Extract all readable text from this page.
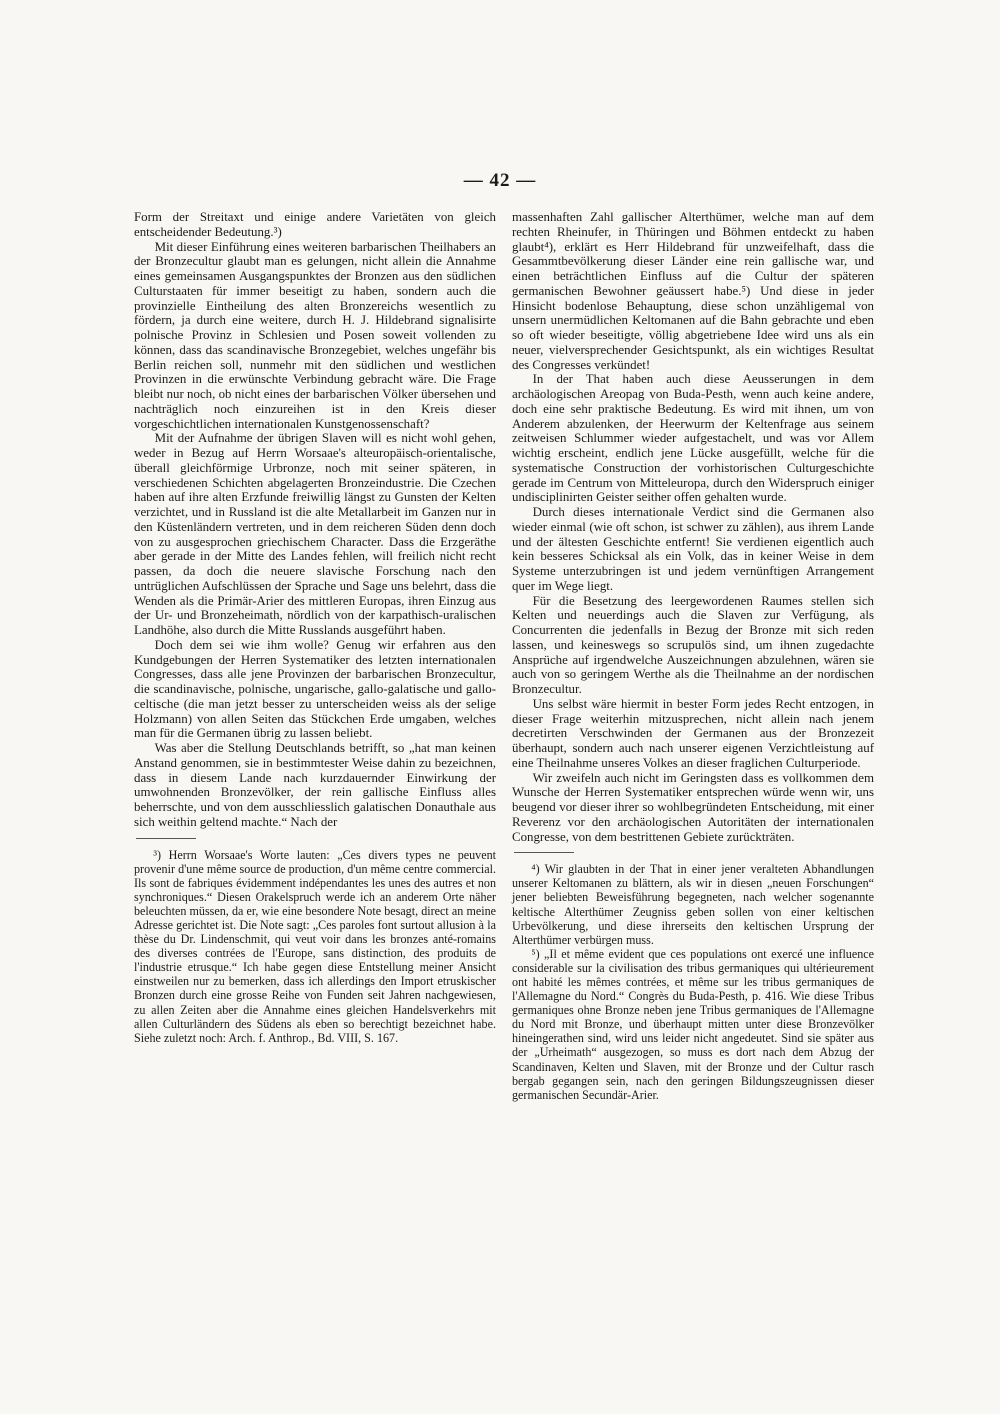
— 42 —

Form der Streitaxt und einige andere Varietäten von gleich entscheidender Bedeutung.³)

Mit dieser Einführung eines weiteren barbarischen Theilhabers an der Bronzecultur glaubt man es gelungen, nicht allein die Annahme eines gemeinsamen Ausgangspunktes der Bronzen aus den südlichen Culturstaaten für immer beseitigt zu haben, sondern auch die provinzielle Eintheilung des alten Bronzereichs wesentlich zu fördern, ja durch eine weitere, durch H. J. Hildebrand signalisirte polnische Provinz in Schlesien und Posen soweit vollenden zu können, dass das scandinavische Bronzegebiet, welches ungefähr bis Berlin reichen soll, nunmehr mit den südlichen und westlichen Provinzen in die erwünschte Verbindung gebracht wäre. Die Frage bleibt nur noch, ob nicht eines der barbarischen Völker übersehen und nachträglich noch einzureihen ist in den Kreis dieser vorgeschichtlichen internationalen Kunstgenossenschaft?

Mit der Aufnahme der übrigen Slaven will es nicht wohl gehen, weder in Bezug auf Herrn Worsaae's alteuropäisch-orientalische, überall gleichförmige Urbronze, noch mit seiner späteren, in verschiedenen Schichten abgelagerten Bronzeindustrie. Die Czechen haben auf ihre alten Erzfunde freiwillig längst zu Gunsten der Kelten verzichtet, und in Russland ist die alte Metallarbeit im Ganzen nur in den Küstenländern vertreten, und in dem reicheren Süden denn doch von zu ausgesprochen griechischem Character. Dass die Erzgeräthe aber gerade in der Mitte des Landes fehlen, will freilich nicht recht passen, da doch die neuere slavische Forschung nach den untrüglichen Aufschlüssen der Sprache und Sage uns belehrt, dass die Wenden als die Primär-Arier des mittleren Europas, ihren Einzug aus der Ur- und Bronzeheimath, nördlich von der karpathisch-uralischen Landhöhe, also durch die Mitte Russlands ausgeführt haben.

Doch dem sei wie ihm wolle? Genug wir erfahren aus den Kundgebungen der Herren Systematiker des letzten internationalen Congresses, dass alle jene Provinzen der barbarischen Bronzecultur, die scandinavische, polnische, ungarische, gallo-galatische und gallo-celtische (die man jetzt besser zu unterscheiden weiss als der selige Holzmann) von allen Seiten das Stückchen Erde umgaben, welches man für die Germanen übrig zu lassen beliebt.

Was aber die Stellung Deutschlands betrifft, so „hat man keinen Anstand genommen, sie in bestimmtester Weise dahin zu bezeichnen, dass in diesem Lande nach kurzdauernder Einwirkung der umwohnenden Bronzevölker, der rein gallische Einfluss alles beherrschte, und von dem ausschliesslich galatischen Donauthale aus sich weithin geltend machte.“ Nach der

³) Herrn Worsaae's Worte lauten: „Ces divers types ne peuvent provenir d'une même source de production, d'un même centre commercial. Ils sont de fabriques évidemment indépendantes les unes des autres et non synchroniques.“ Diesen Orakelspruch werde ich an anderem Orte näher beleuchten müssen, da er, wie eine besondere Note besagt, direct an meine Adresse gerichtet ist. Die Note sagt: „Ces paroles font surtout allusion à la thèse du Dr. Lindenschmit, qui veut voir dans les bronzes anté-romains des diverses contrées de l'Europe, sans distinction, des produits de l'industrie etrusque.“ Ich habe gegen diese Entstellung meiner Ansicht einstweilen nur zu bemerken, dass ich allerdings den Import etruskischer Bronzen durch eine grosse Reihe von Funden seit Jahren nachgewiesen, zu allen Zeiten aber die Annahme eines gleichen Handelsverkehrs mit allen Culturländern des Südens als eben so berechtigt bezeichnet habe. Siehe zuletzt noch: Arch. f. Anthrop., Bd. VIII, S. 167.

massenhaften Zahl gallischer Alterthümer, welche man auf dem rechten Rheinufer, in Thüringen und Böhmen entdeckt zu haben glaubt⁴), erklärt es Herr Hildebrand für unzweifelhaft, dass die Gesammtbevölkerung dieser Länder eine rein gallische war, und einen beträchtlichen Einfluss auf die Cultur der späteren germanischen Bewohner geäussert habe.⁵) Und diese in jeder Hinsicht bodenlose Behauptung, diese schon unzähligemal von unsern unermüdlichen Keltomanen auf die Bahn gebrachte und eben so oft wieder beseitigte, völlig abgetriebene Idee wird uns als ein neuer, vielversprechender Gesichtspunkt, als ein wichtiges Resultat des Congresses verkündet!

In der That haben auch diese Aeusserungen in dem archäologischen Areopag von Buda-Pesth, wenn auch keine andere, doch eine sehr praktische Bedeutung. Es wird mit ihnen, um von Anderem abzulenken, der Heerwurm der Keltenfrage aus seinem zeitweisen Schlummer wieder aufgestachelt, und was vor Allem wichtig erscheint, endlich jene Lücke ausgefüllt, welche für die systematische Construction der vorhistorischen Culturgeschichte gerade im Centrum von Mitteleuropa, durch den Widerspruch einiger undisciplinirten Geister seither offen gehalten wurde.

Durch dieses internationale Verdict sind die Germanen also wieder einmal (wie oft schon, ist schwer zu zählen), aus ihrem Lande und der ältesten Geschichte entfernt! Sie verdienen eigentlich auch kein besseres Schicksal als ein Volk, das in keiner Weise in dem Systeme unterzubringen ist und jedem vernünftigen Arrangement quer im Wege liegt.

Für die Besetzung des leergewordenen Raumes stellen sich Kelten und neuerdings auch die Slaven zur Verfügung, als Concurrenten die jedenfalls in Bezug der Bronze mit sich reden lassen, und keineswegs so scrupulös sind, um ihnen zugedachte Ansprüche auf irgendwelche Auszeichnungen abzulehnen, wären sie auch von so geringem Werthe als die Theilnahme an der nordischen Bronzecultur.

Uns selbst wäre hiermit in bester Form jedes Recht entzogen, in dieser Frage weiterhin mitzusprechen, nicht allein nach jenem decretirten Verschwinden der Germanen aus der Bronzezeit überhaupt, sondern auch nach unserer eigenen Verzichtleistung auf eine Theilnahme unseres Volkes an dieser fraglichen Culturperiode.

Wir zweifeln auch nicht im Geringsten dass es vollkommen dem Wunsche der Herren Systematiker entsprechen würde wenn wir, uns beugend vor dieser ihrer so wohlbegründeten Entscheidung, mit einer Reverenz vor den archäologischen Autoritäten der internationalen Congresse, von dem bestrittenen Gebiete zurückträten.

⁴) Wir glaubten in der That in einer jener veralteten Abhandlungen unserer Keltomanen zu blättern, als wir in diesen „neuen Forschungen“ jener beliebten Beweisführung begegneten, nach welcher sogenannte keltische Alterthümer Zeugniss geben sollen von einer keltischen Urbevölkerung, und diese ihrerseits den keltischen Ursprung der Alterthümer verbürgen muss.

⁵) „Il et même evident que ces populations ont exercé une influence considerable sur la civilisation des tribus germaniques qui ultérieurement ont habité les mêmes contrées, et même sur les tribus germaniques de l'Allemagne du Nord.“ Congrès du Buda-Pesth, p. 416. Wie diese Tribus germaniques ohne Bronze neben jene Tribus germaniques de l'Allemagne du Nord mit Bronze, und überhaupt mitten unter diese Bronzevölker hineingerathen sind, wird uns leider nicht angedeutet. Sind sie später aus der „Urheimath“ ausgezogen, so muss es dort nach dem Abzug der Scandinaven, Kelten und Slaven, mit der Bronze und der Cultur rasch bergab gegangen sein, nach den geringen Bildungszeugnissen dieser germanischen Secundär-Arier.
